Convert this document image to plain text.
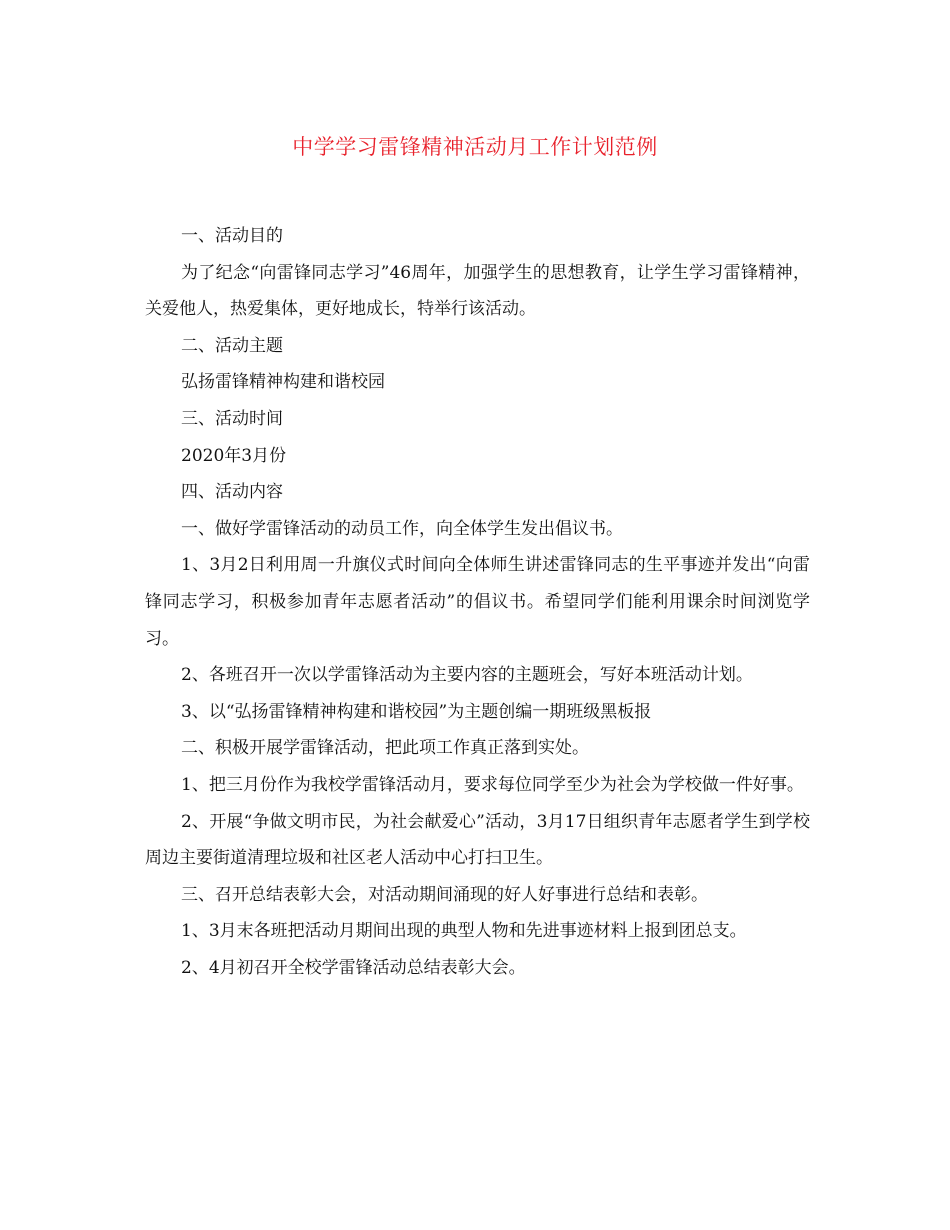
中学学习雷锋精神活动月工作计划范例

一、活动目的

为了纪念“向雷锋同志学习”46周年，加强学生的思想教育，让学生学习雷锋精神，关爱他人，热爱集体，更好地成长，特举行该活动。

二、活动主题

弘扬雷锋精神构建和谐校园

三、活动时间

2020年3月份

四、活动内容

一、做好学雷锋活动的动员工作，向全体学生发出倡议书。

1、3月2日利用周一升旗仪式时间向全体师生讲述雷锋同志的生平事迹并发出“向雷锋同志学习，积极参加青年志愿者活动”的倡议书。希望同学们能利用课余时间浏览学习。

2、各班召开一次以学雷锋活动为主要内容的主题班会，写好本班活动计划。

3、以“弘扬雷锋精神构建和谐校园”为主题创编一期班级黑板报

二、积极开展学雷锋活动，把此项工作真正落到实处。

1、把三月份作为我校学雷锋活动月，要求每位同学至少为社会为学校做一件好事。

2、开展“争做文明市民，为社会献爱心”活动，3月17日组织青年志愿者学生到学校周边主要街道清理垃圾和社区老人活动中心打扫卫生。

三、召开总结表彰大会，对活动期间涌现的好人好事进行总结和表彰。

1、3月末各班把活动月期间出现的典型人物和先进事迹材料上报到团总支。

2、4月初召开全校学雷锋活动总结表彰大会。
